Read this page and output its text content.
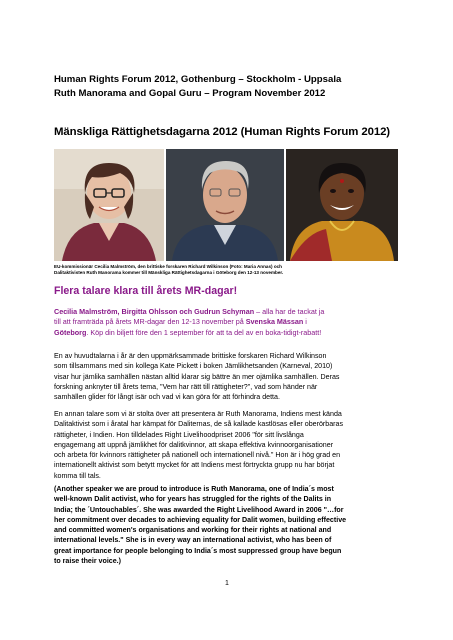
Human Rights Forum 2012, Gothenburg – Stockholm - Uppsala
Ruth Manorama and Gopal Guru – Program November 2012
Mänskliga Rättighetsdagarna 2012 (Human Rights Forum 2012)
EU-kommissionär Cecilia Malmström, den brittiske forskaren Richard Wilkinson (Foto: Maria Annas) och
Dalitaktivisten Ruth Manorama kommer till Mänskliga Rättighetsdagarna i Göteborg den 12-13 november.
Flera talare klara till årets MR-dagar!
Cecilia Malmström, Birgitta Ohlsson och Gudrun Schyman – alla har de tackat ja
till att framträda på årets MR-dagar den 12-13 november på Svenska Mässan i
Göteborg. Köp din biljett före den 1 september för att ta del av en boka-tidigt-rabatt!
En av huvudtalarna i år är den uppmärksammade brittiske forskaren Richard Wilkinson
som tillsammans med sin kollega Kate Pickett i boken Jämlikhetsanden (Karneval, 2010)
visar hur jämlika samhällen nästan alltid klarar sig bättre än mer ojämlika samhällen. Deras
forskning anknyter till årets tema, "Vem har rätt till rättigheter?", vad som händer när
samhällen glider för långt isär och vad vi kan göra för att förhindra detta.
En annan talare som vi är stolta över att presentera är Ruth Manorama, Indiens mest kända
Dalitaktivist som i åratal har kämpat för Daliternas, de så kallade kastlösas eller oberörbaras
rättigheter, i Indien. Hon tilldelades Right Livelihoodpriset 2006 "för sitt livslånga
engagemang att uppnå jämlikhet för dalitkvinnor, att skapa effektiva kvinnoorganisationer
och arbeta för kvinnors rättigheter på nationell och internationell nivå." Hon är i hög grad en
internationellt aktivist som betytt mycket för att Indiens mest förtryckta grupp nu har börjat
komma till tals.
(Another speaker we are proud to introduce is Ruth Manorama, one of India´s most
well-known Dalit activist, who for years has struggled for the rights of the Dalits in
India; the ´Untouchables´. She was awarded the Right Livelihood Award in 2006 "…for
her commitment over decades to achieving equality for Dalit women, building effective
and committed women's organisations and working for their rights at national and
international levels." She is in every way an international activist, who has been of
great importance for people belonging to India´s most suppressed group have begun
to raise their voice.)
1
